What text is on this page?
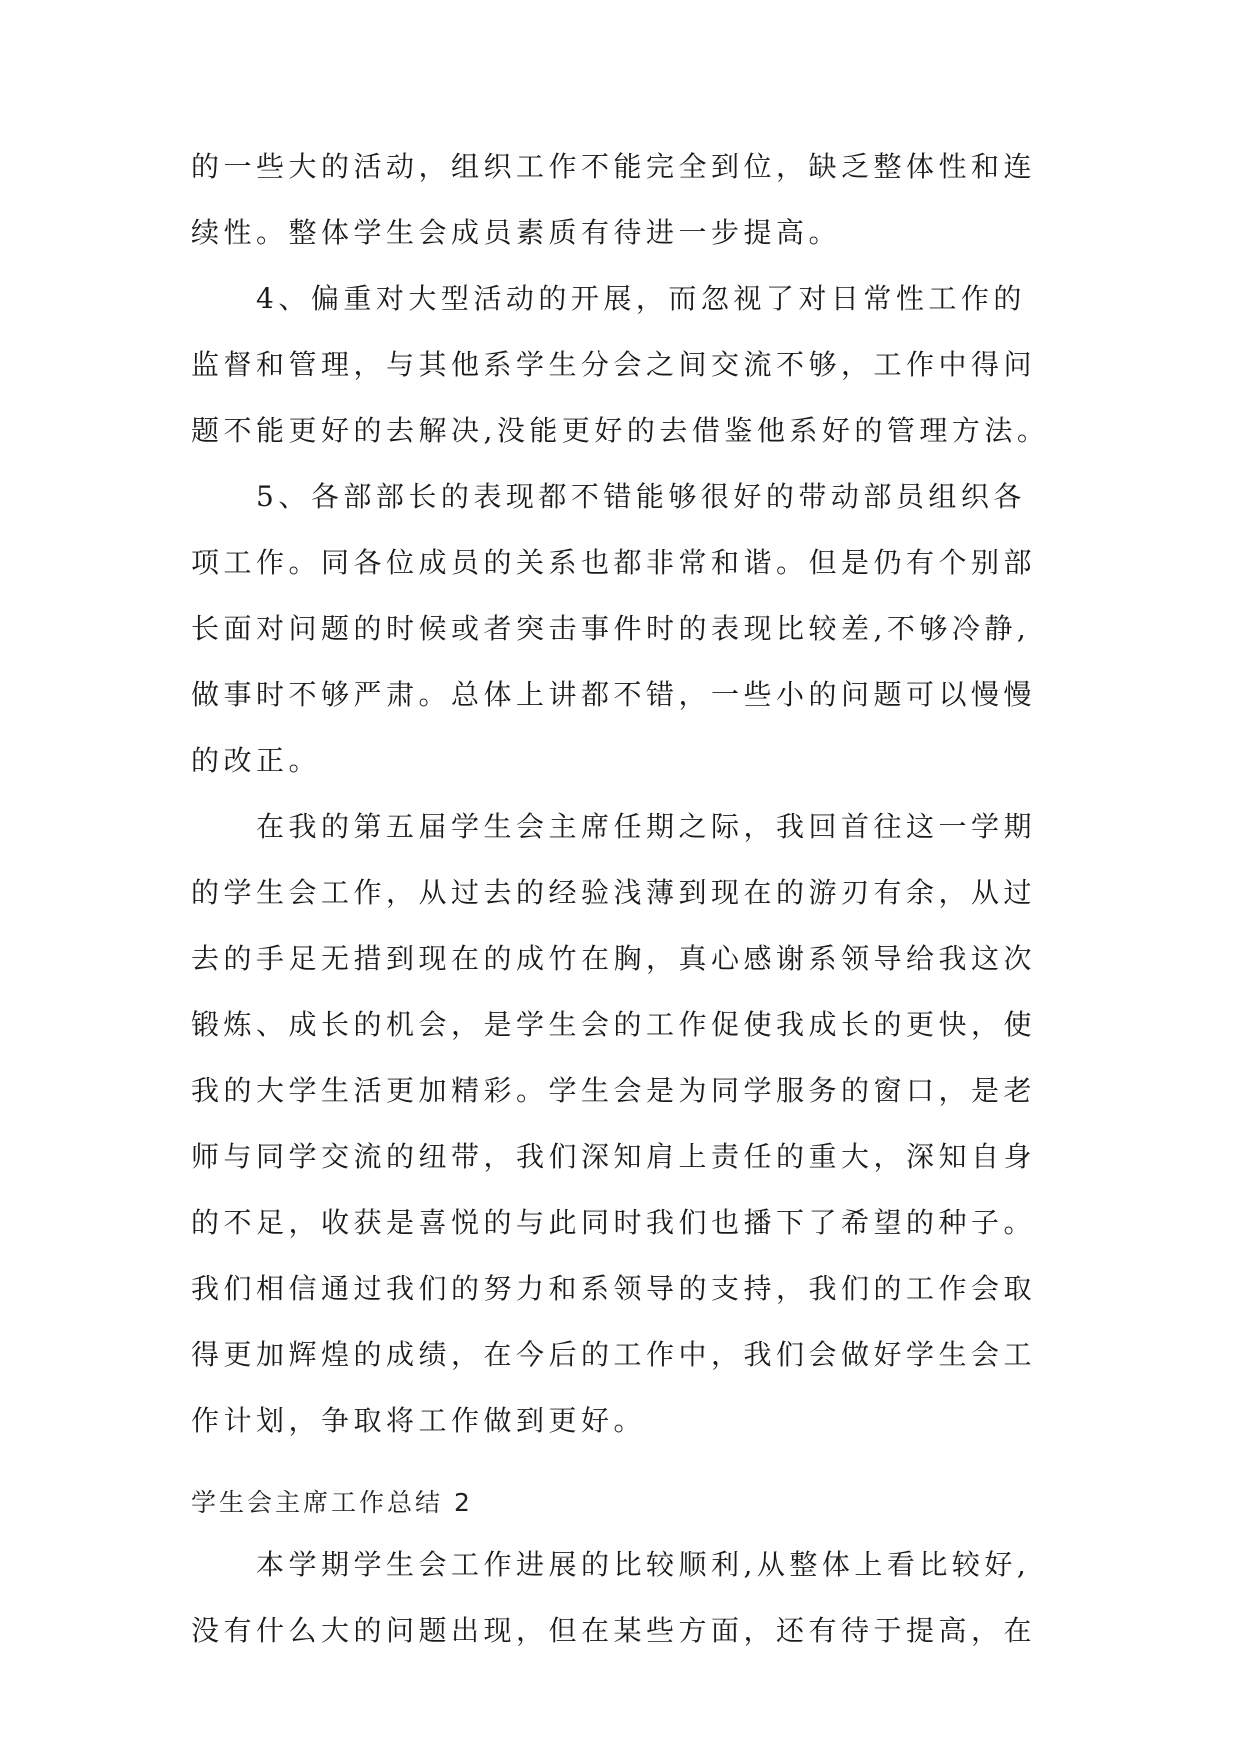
的一些大的活动，组织工作不能完全到位，缺乏整体性和连
续性。整体学生会成员素质有待进一步提高。
4、偏重对大型活动的开展，而忽视了对日常性工作的
监督和管理，与其他系学生分会之间交流不够，工作中得问
题不能更好的去解决,没能更好的去借鉴他系好的管理方法。
5、各部部长的表现都不错能够很好的带动部员组织各
项工作。同各位成员的关系也都非常和谐。但是仍有个别部
长面对问题的时候或者突击事件时的表现比较差,不够冷静,
做事时不够严肃。总体上讲都不错，一些小的问题可以慢慢
的改正。
在我的第五届学生会主席任期之际，我回首往这一学期
的学生会工作，从过去的经验浅薄到现在的游刃有余，从过
去的手足无措到现在的成竹在胸，真心感谢系领导给我这次
锻炼、成长的机会，是学生会的工作促使我成长的更快，使
我的大学生活更加精彩。学生会是为同学服务的窗口，是老
师与同学交流的纽带，我们深知肩上责任的重大，深知自身
的不足，收获是喜悦的与此同时我们也播下了希望的种子。
我们相信通过我们的努力和系领导的支持，我们的工作会取
得更加辉煌的成绩，在今后的工作中，我们会做好学生会工
作计划，争取将工作做到更好。
学生会主席工作总结 2
本学期学生会工作进展的比较顺利,从整体上看比较好,
没有什么大的问题出现，但在某些方面，还有待于提高，在
